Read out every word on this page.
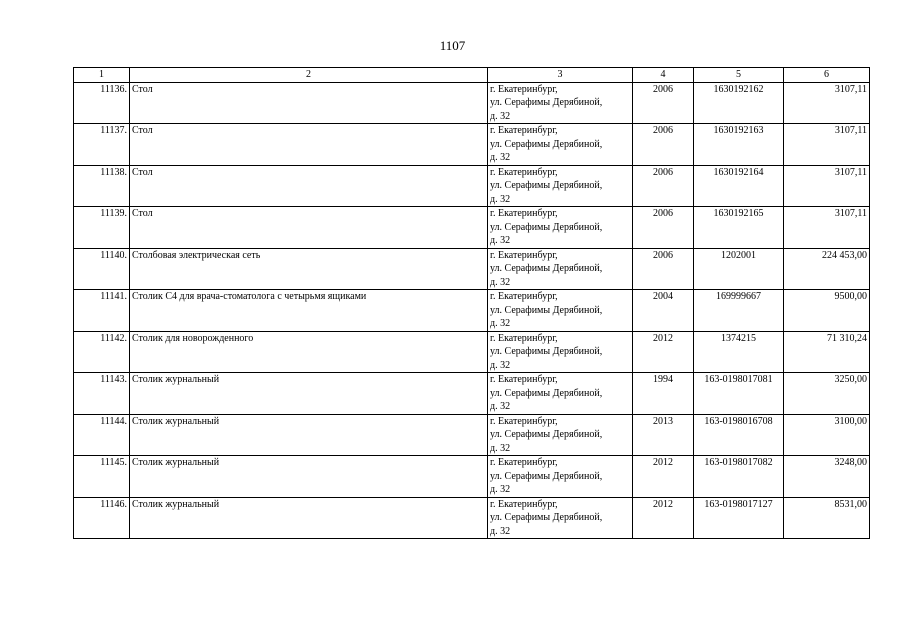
1107
1	2	3	4	5	6
11136.	Стол	г. Екатеринбург,
ул. Серафимы Дерябиной,
д. 32	2006	1630192162	3107,11
11137.	Стол	г. Екатеринбург,
ул. Серафимы Дерябиной,
д. 32	2006	1630192163	3107,11
11138.	Стол	г. Екатеринбург,
ул. Серафимы Дерябиной,
д. 32	2006	1630192164	3107,11
11139.	Стол	г. Екатеринбург,
ул. Серафимы Дерябиной,
д. 32	2006	1630192165	3107,11
11140.	Столбовая электрическая сеть	г. Екатеринбург,
ул. Серафимы Дерябиной,
д. 32	2006	1202001	224 453,00
11141.	Столик С4 для врача-стоматолога с четырьмя ящиками	г. Екатеринбург,
ул. Серафимы Дерябиной,
д. 32	2004	169999667	9500,00
11142.	Столик для новорожденного	г. Екатеринбург,
ул. Серафимы Дерябиной,
д. 32	2012	1374215	71 310,24
11143.	Столик журнальный	г. Екатеринбург,
ул. Серафимы Дерябиной,
д. 32	1994	163-0198017081	3250,00
11144.	Столик журнальный	г. Екатеринбург,
ул. Серафимы Дерябиной,
д. 32	2013	163-0198016708	3100,00
11145.	Столик журнальный	г. Екатеринбург,
ул. Серафимы Дерябиной,
д. 32	2012	163-0198017082	3248,00
11146.	Столик журнальный	г. Екатеринбург,
ул. Серафимы Дерябиной,
д. 32	2012	163-0198017127	8531,00
